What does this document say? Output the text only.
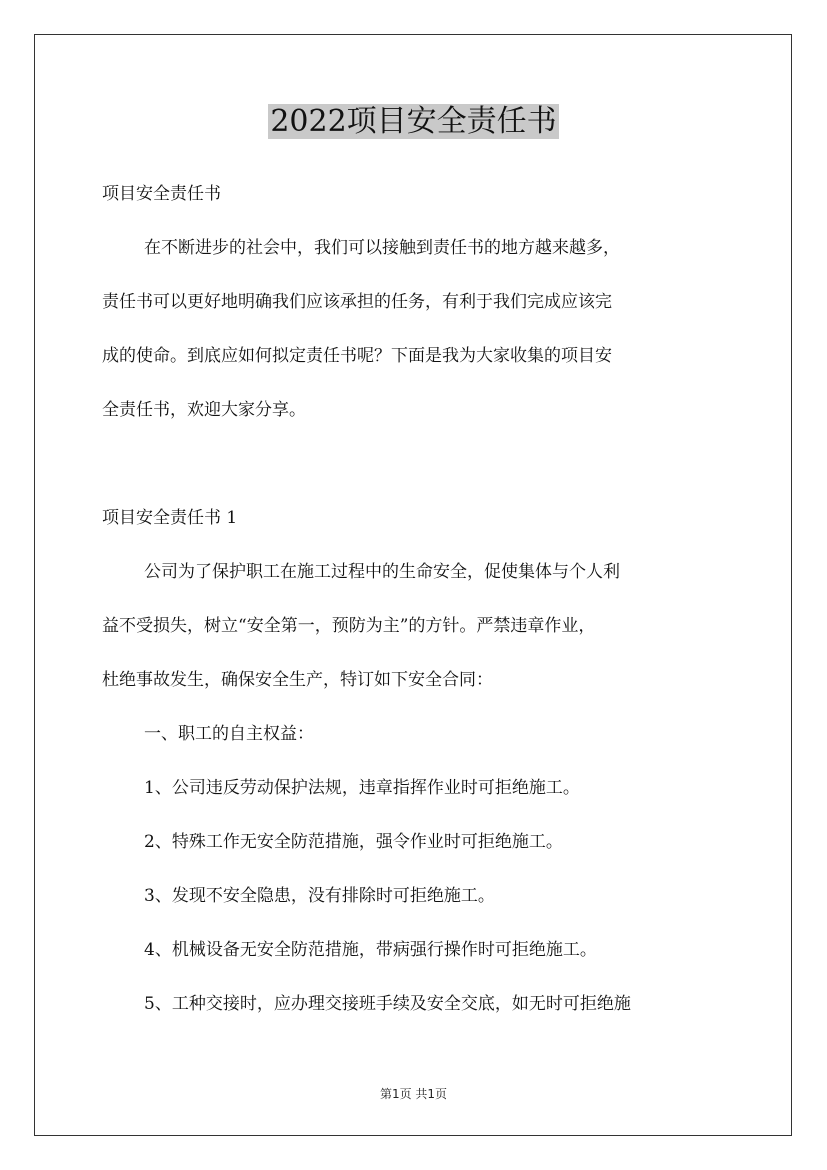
2022项目安全责任书

项目安全责任书

在不断进步的社会中，我们可以接触到责任书的地方越来越多，

责任书可以更好地明确我们应该承担的任务，有利于我们完成应该完

成的使命。到底应如何拟定责任书呢？下面是我为大家收集的项目安

全责任书，欢迎大家分享。

项目安全责任书 1

公司为了保护职工在施工过程中的生命安全，促使集体与个人利

益不受损失，树立“安全第一，预防为主”的方针。严禁违章作业，

杜绝事故发生，确保安全生产，特订如下安全合同：

一、职工的自主权益：

1、公司违反劳动保护法规，违章指挥作业时可拒绝施工。

2、特殊工作无安全防范措施，强令作业时可拒绝施工。

3、发现不安全隐患，没有排除时可拒绝施工。

4、机械设备无安全防范措施，带病强行操作时可拒绝施工。

5、工种交接时，应办理交接班手续及安全交底，如无时可拒绝施

第1页 共1页
